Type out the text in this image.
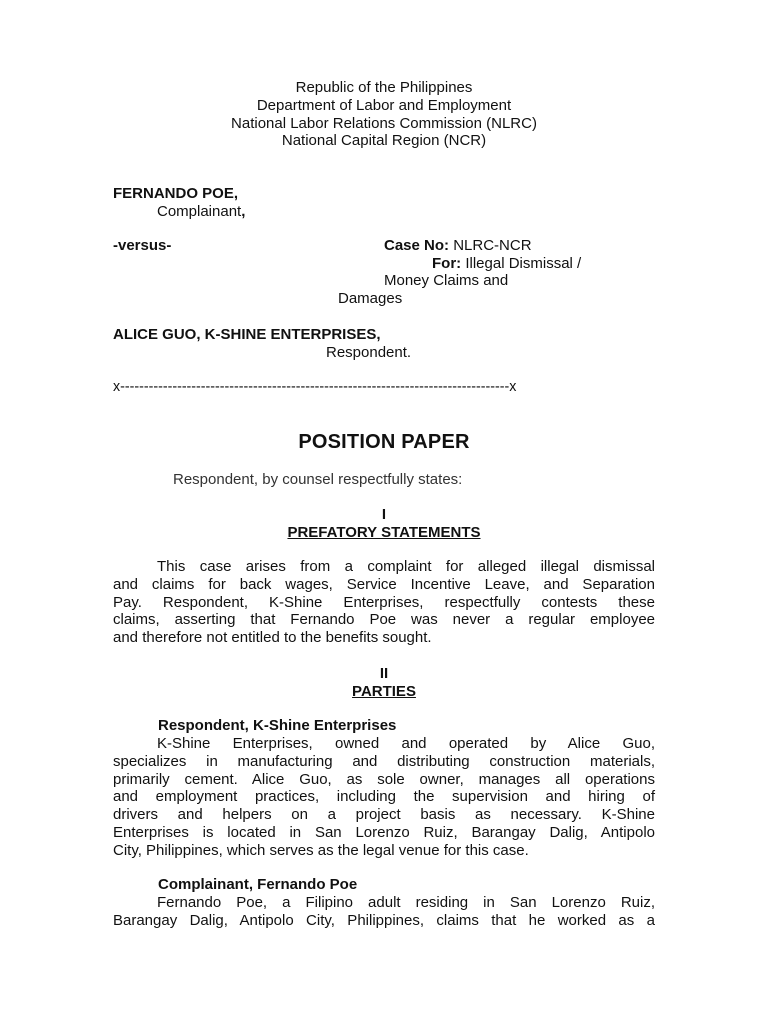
Republic of the Philippines
Department of Labor and Employment
National Labor Relations Commission (NLRC)
National Capital Region (NCR)
FERNANDO POE,
Complainant,
-versus-	Case No: NLRC-NCR
For: Illegal Dismissal /
Money Claims and
Damages
ALICE GUO, K-SHINE ENTERPRISES,
Respondent.
x----------------------------------------------------------------------------------x
POSITION PAPER
Respondent, by counsel respectfully states:
I
PREFATORY STATEMENTS
This case arises from a complaint for alleged illegal dismissal
and claims for back wages, Service Incentive Leave, and Separation
Pay. Respondent, K-Shine Enterprises, respectfully contests these
claims, asserting that Fernando Poe was never a regular employee
and therefore not entitled to the benefits sought.
II
PARTIES
Respondent, K-Shine Enterprises
K-Shine Enterprises, owned and operated by Alice Guo,
specializes in manufacturing and distributing construction materials,
primarily cement. Alice Guo, as sole owner, manages all operations
and employment practices, including the supervision and hiring of
drivers and helpers on a project basis as necessary. K-Shine
Enterprises is located in San Lorenzo Ruiz, Barangay Dalig, Antipolo
City, Philippines, which serves as the legal venue for this case.
Complainant, Fernando Poe
Fernando Poe, a Filipino adult residing in San Lorenzo Ruiz,
Barangay Dalig, Antipolo City, Philippines, claims that he worked as a
